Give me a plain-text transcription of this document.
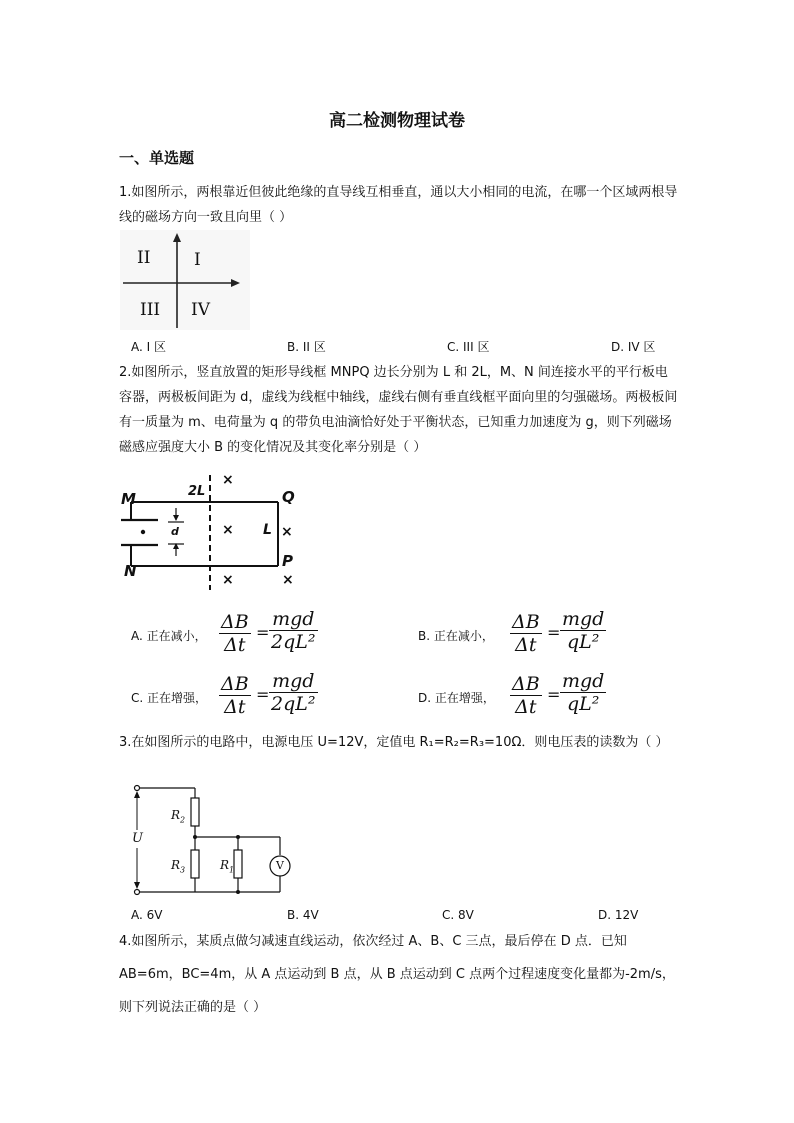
高二检测物理试卷
一、单选题
1.如图所示，两根靠近但彼此绝缘的直导线互相垂直，通以大小相同的电流，在哪一个区域两根导线的磁场方向一致且向里（ ）
II	I
III IV
A. I 区	B. II 区	C. III 区	D. IV 区
2.如图所示，竖直放置的矩形导线框 MNPQ 边长分别为 L 和 2L，M、N 间连接水平的平行板电容器，两极板间距为 d，虚线为线框中轴线，虚线右侧有垂直线框平面向里的匀强磁场。两极板间有一质量为 m、电荷量为 q 的带负电油滴恰好处于平衡状态，已知重力加速度为 g，则下列磁场磁感应强度大小 B 的变化情况及其变化率分别是（ ）
M
N
Q
P
2L
L
d
×
×
×
×
×
A. 正在减小， $\frac{\Delta B}{\Delta t}$ =
mgd
2qL²	B. 正在减小， $\frac{\Delta B}{\Delta t}$ =
mgd
qL²
C. 正在增强， $\frac{\Delta B}{\Delta t}$ =
mgd
2qL²	D. 正在增强， $\frac{\Delta B}{\Delta t}$ =
mgd
qL²
3.在如图所示的电路中，电源电压 U=12V，定值电 R₁=R₂=R₃=10Ω．则电压表的读数为（ ）
$R_2$
$R_3$	$R_1$
U
V
A. 6V	B. 4V	C. 8V	D. 12V
4.如图所示，某质点做匀减速直线运动，依次经过 A、B、C 三点，最后停在 D 点．已知
AB=6m，BC=4m，从 A 点运动到 B 点，从 B 点运动到 C 点两个过程速度变化量都为-2m/s，
则下列说法正确的是（ ）
